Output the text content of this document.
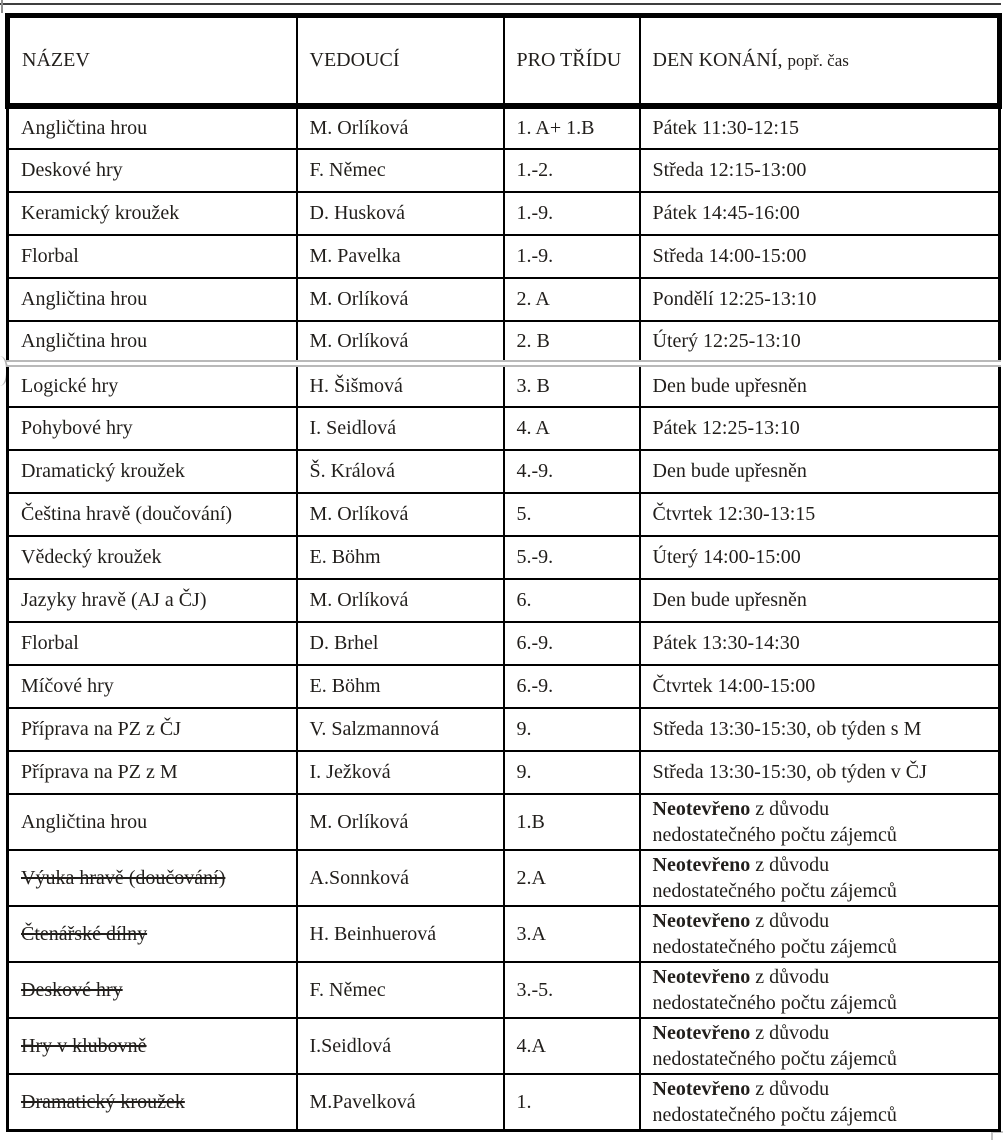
NÁZEV	VEDOUCÍ	PRO TŘÍDU	DEN KONÁNÍ, popř. čas
Angličtina hrou	M. Orlíková	1. A+ 1.B	Pátek 11:30-12:15
Deskové hry	F. Němec	1.-2.	Středa 12:15-13:00
Keramický kroužek	D. Husková	1.-9.	Pátek 14:45-16:00
Florbal	M. Pavelka	1.-9.	Středa 14:00-15:00
Angličtina hrou	M. Orlíková	2. A	Pondělí 12:25-13:10
Angličtina hrou	M. Orlíková	2. B	Úterý 12:25-13:10
Logické hry	H. Šišmová	3. B	Den bude upřesněn
Pohybové hry	I. Seidlová	4. A	Pátek 12:25-13:10
Dramatický kroužek	Š. Králová	4.-9.	Den bude upřesněn
Čeština hravě (doučování)	M. Orlíková	5.	Čtvrtek 12:30-13:15
Vědecký kroužek	E. Böhm	5.-9.	Úterý 14:00-15:00
Jazyky hravě (AJ a ČJ)	M. Orlíková	6.	Den bude upřesněn
Florbal	D. Brhel	6.-9.	Pátek 13:30-14:30
Míčové hry	E. Böhm	6.-9.	Čtvrtek 14:00-15:00
Příprava na PZ z ČJ	V. Salzmannová	9.	Středa 13:30-15:30, ob týden s M
Příprava na PZ z M	I. Ježková	9.	Středa 13:30-15:30, ob týden v ČJ
Angličtina hrou	M. Orlíková	1.B	Neotevřeno z důvodu
nedostatečného počtu zájemců
Výuka hravě (doučování)	A.Sonnková	2.A	Neotevřeno z důvodu
nedostatečného počtu zájemců
Čtenářské dílny	H. Beinhuerová	3.A	Neotevřeno z důvodu
nedostatečného počtu zájemců
Deskové hry	F. Němec	3.-5.	Neotevřeno z důvodu
nedostatečného počtu zájemců
Hry v klubovně	I.Seidlová	4.A	Neotevřeno z důvodu
nedostatečného počtu zájemců
Dramatický kroužek	M.Pavelková	1.	Neotevřeno z důvodu
nedostatečného počtu zájemců
